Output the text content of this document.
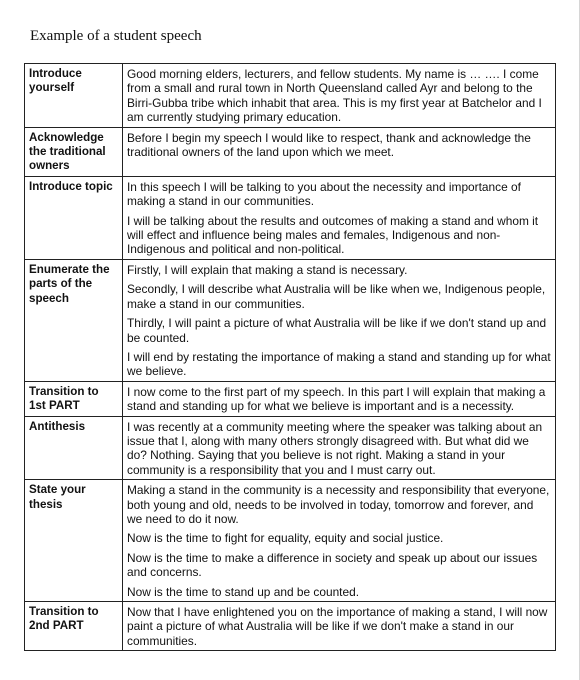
Example of a student speech
Introduce yourself	Good morning elders, lecturers, and fellow students. My name is … …. I come from a small and rural town in North Queensland called Ayr and belong to the Birri-Gubba tribe which inhabit that area. This is my first year at Batchelor and I am currently studying primary education.

Acknowledge the traditional owners	Before I begin my speech I would like to respect, thank and acknowledge the traditional owners of the land upon which we meet.

Introduce topic	In this speech I will be talking to you about the necessity and importance of making a stand in our communities.

I will be talking about the results and outcomes of making a stand and whom it will effect and influence being males and females, Indigenous and non-Indigenous and political and non-political.

Enumerate the parts of the speech	Firstly, I will explain that making a stand is necessary.

Secondly, I will describe what Australia will be like when we, Indigenous people, make a stand in our communities.

Thirdly, I will paint a picture of what Australia will be like if we don't stand up and be counted.

I will end by restating the importance of making a stand and standing up for what we believe.

Transition to 1st PART	I now come to the first part of my speech. In this part I will explain that making a stand and standing up for what we believe is important and is a necessity.

Antithesis	I was recently at a community meeting where the speaker was talking about an issue that I, along with many others strongly disagreed with. But what did we do? Nothing. Saying that you believe is not right. Making a stand in your community is a responsibility that you and I must carry out.

State your thesis	Making a stand in the community is a necessity and responsibility that everyone, both young and old, needs to be involved in today, tomorrow and forever, and we need to do it now.

Now is the time to fight for equality, equity and social justice.

Now is the time to make a difference in society and speak up about our issues and concerns.

Now is the time to stand up and be counted.

Transition to 2nd PART	Now that I have enlightened you on the importance of making a stand, I will now paint a picture of what Australia will be like if we don't make a stand in our communities.
